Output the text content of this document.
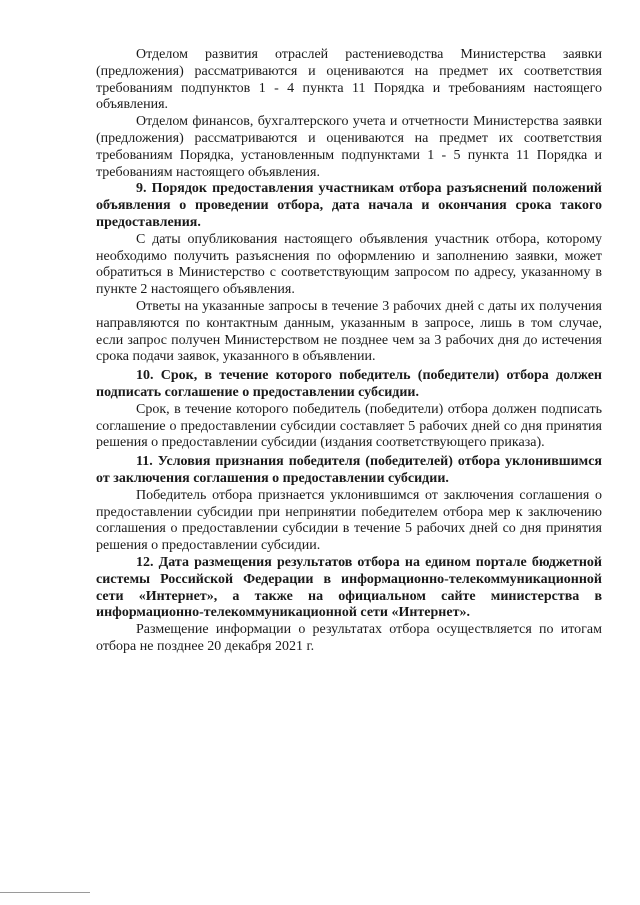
Отделом развития отраслей растениеводства Министерства заявки (предложения) рассматриваются и оцениваются на предмет их соответствия требованиям подпунктов 1 - 4 пункта 11 Порядка и требованиям настоящего объявления.

Отделом финансов, бухгалтерского учета и отчетности Министерства заявки (предложения) рассматриваются и оцениваются на предмет их соответствия требованиям Порядка, установленным подпунктами 1 - 5 пункта 11 Порядка и требованиям настоящего объявления.

9. Порядок предоставления участникам отбора разъяснений положений объявления о проведении отбора, дата начала и окончания срока такого предоставления.

С даты опубликования настоящего объявления участник отбора, которому необходимо получить разъяснения по оформлению и заполнению заявки, может обратиться в Министерство с соответствующим запросом по адресу, указанному в пункте 2 настоящего объявления.

Ответы на указанные запросы в течение 3 рабочих дней с даты их получения направляются по контактным данным, указанным в запросе, лишь в том случае, если запрос получен Министерством не позднее чем за 3 рабочих дня до истечения срока подачи заявок, указанного в объявлении.

10. Срок, в течение которого победитель (победители) отбора должен подписать соглашение о предоставлении субсидии.

Срок, в течение которого победитель (победители) отбора должен подписать соглашение о предоставлении субсидии составляет 5 рабочих дней со дня принятия решения о предоставлении субсидии (издания соответствующего приказа).

11. Условия признания победителя (победителей) отбора уклонившимся от заключения соглашения о предоставлении субсидии.

Победитель отбора признается уклонившимся от заключения соглашения о предоставлении субсидии при непринятии победителем отбора мер к заключению соглашения о предоставлении субсидии в течение 5 рабочих дней со дня принятия решения о предоставлении субсидии.

12. Дата размещения результатов отбора на едином портале бюджетной системы Российской Федерации в информационно-телекоммуникационной сети «Интернет», а также на официальном сайте министерства в информационно-телекоммуникационной сети «Интернет».

Размещение информации о результатах отбора осуществляется по итогам отбора не позднее 20 декабря 2021 г.
